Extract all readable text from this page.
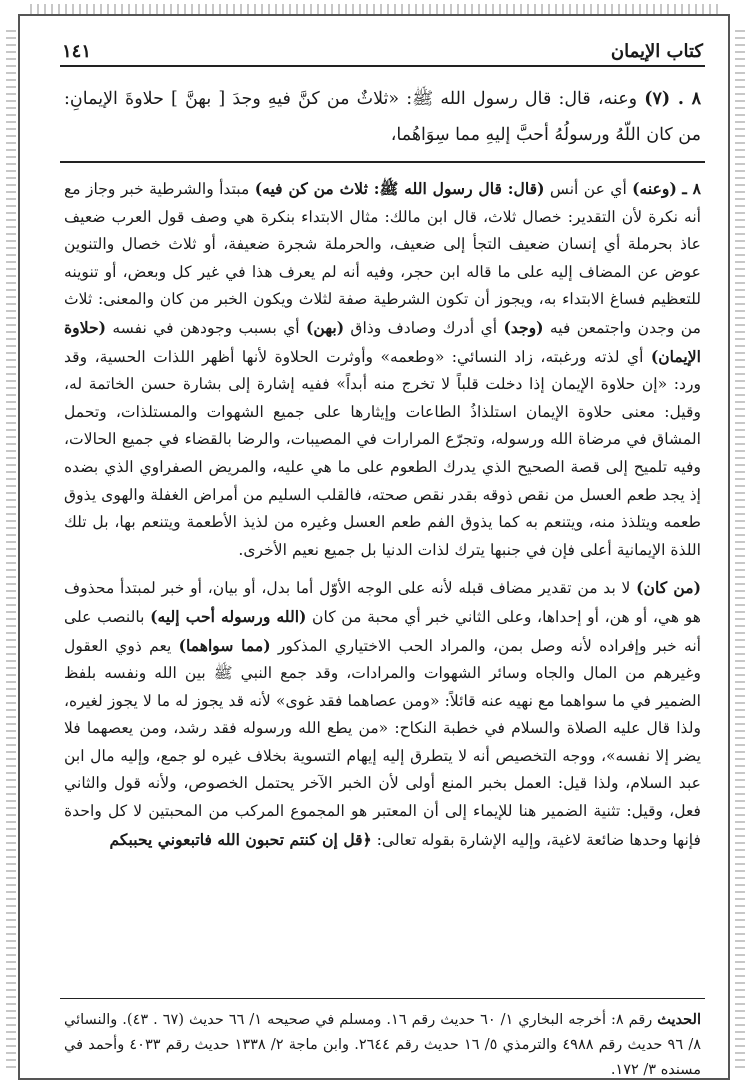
كتاب الإيمان
١٤١
٨ . (٧) وعنه، قال: قال رسول الله ﷺ: «ثلاثٌ من كنَّ فيهِ وجدَ [ بهنَّ ] حلاوةَ الإيمانِ: من كان اللّهُ ورسولُهُ أحبَّ إليهِ مما سِوَاهُما،

٨ ـ (وعنه) أي عن أنس (قال: قال رسول الله ﷺ: ثلاث من كن فيه) مبتدأ والشرطية خبر وجاز مع أنه نكرة لأن التقدير: خصال ثلاث، قال ابن مالك: مثال الابتداء بنكرة هي وصف قول العرب ضعيف عاذ بحرملة أي إنسان ضعيف التجأ إلى ضعيف، والحرملة شجرة ضعيفة، أو ثلاث خصال والتنوين عوض عن المضاف إليه على ما قاله ابن حجر، وفيه أنه لم يعرف هذا في غير كل وبعض، أو تنوينه للتعظيم فساغ الابتداء به، ويجوز أن تكون الشرطية صفة لثلاث ويكون الخبر من كان والمعنى: ثلاث من وجدن واجتمعن فيه (وجد) أي أدرك وصادف وذاق (بهن) أي بسبب وجودهن في نفسه (حلاوة الإيمان) أي لذته ورغبته، زاد النسائي: «وطعمه» وأوثرت الحلاوة لأنها أظهر اللذات الحسية، وقد ورد: «إن حلاوة الإيمان إذا دخلت قلباً لا تخرج منه أبداً» ففيه إشارة إلى بشارة حسن الخاتمة له، وقيل: معنى حلاوة الإيمان استلذاذُ الطاعات وإيثارها على جميع الشهوات والمستلذات، وتحمل المشاق في مرضاة الله ورسوله، وتجرّع المرارات في المصيبات، والرضا بالقضاء في جميع الحالات، وفيه تلميح إلى قصة الصحيح الذي يدرك الطعوم على ما هي عليه، والمريض الصفراوي الذي بضده إذ يجد طعم العسل من نقص ذوقه بقدر نقص صحته، فالقلب السليم من أمراض الغفلة والهوى يذوق طعمه ويتلذذ منه، ويتنعم به كما يذوق الفم طعم العسل وغيره من لذيذ الأطعمة ويتنعم بها، بل تلك اللذة الإيمانية أعلى فإن في جنبها يترك لذات الدنيا بل جميع نعيم الأخرى.

(من كان) لا بد من تقدير مضاف قبله لأنه على الوجه الأوّل أما بدل، أو بيان، أو خبر لمبتدأ محذوف هو هي، أو هن، أو إحداها، وعلى الثاني خبر أي محبة من كان (الله ورسوله أحب إليه) بالنصب على أنه خبر وإفراده لأنه وصل بمن، والمراد الحب الاختياري المذكور (مما سواهما) يعم ذوي العقول وغيرهم من المال والجاه وسائر الشهوات والمرادات، وقد جمع النبي ﷺ بين الله ونفسه بلفظ الضمير في ما سواهما مع نهيه عنه قائلاً: «ومن عصاهما فقد غوى» لأنه قد يجوز له ما لا يجوز لغيره، ولذا قال عليه الصلاة والسلام في خطبة النكاح: «من يطع الله ورسوله فقد رشد، ومن يعصهما فلا يضر إلا نفسه»، ووجه التخصيص أنه لا يتطرق إليه إيهام التسوية بخلاف غيره لو جمع، وإليه مال ابن عبد السلام، ولذا قيل: العمل بخبر المنع أولى لأن الخبر الآخر يحتمل الخصوص، ولأنه قول والثاني فعل، وقيل: تثنية الضمير هنا للإيماء إلى أن المعتبر هو المجموع المركب من المحبتين لا كل واحدة فإنها وحدها ضائعة لاغية، وإليه الإشارة بقوله تعالى: ﴿قل إن كنتم تحبون الله فاتبعوني يحببكم

الحديث رقم ٨: أخرجه البخاري ١/ ٦٠ حديث رقم ١٦. ومسلم في صحيحه ١/ ٦٦ حديث (٦٧ . ٤٣). والنسائي ٨/ ٩٦ حديث رقم ٤٩٨٨ والترمذي ٥/ ١٦ حديث رقم ٢٦٤٤. وابن ماجة ٢/ ١٣٣٨ حديث رقم ٤٠٣٣ وأحمد في مسنده ٣/ ١٧٢.
